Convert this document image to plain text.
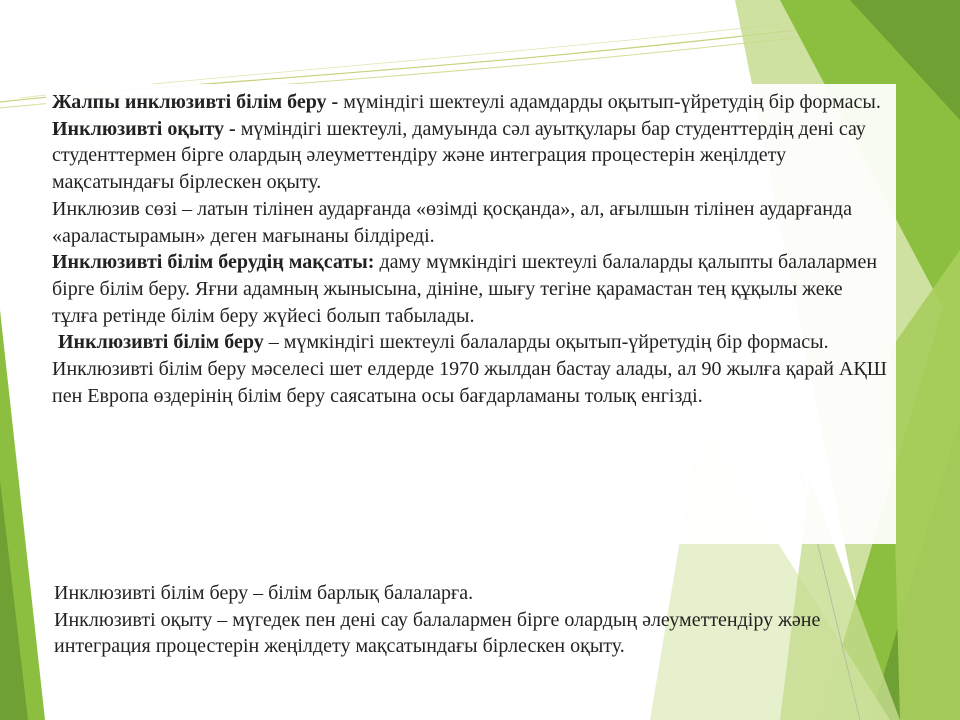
Жалпы инклюзивті білім беру - мүміндігі шектеулі адамдарды оқытып-үйретудің бір формасы.

Инклюзивті оқыту - мүміндігі шектеулі, дамуында сәл ауытқулары бар студенттердің дені сау студенттермен бірге олардың әлеуметтендіру және интеграция процестерін жеңілдету мақсатындағы бірлескен оқыту.

Инклюзив сөзі – латын тілінен аударғанда «өзімді қосқанда», ал, ағылшын тілінен аударғанда «араластырамын» деген мағынаны білдіреді.

Инклюзивті білім берудің мақсаты: даму мүмкіндігі шектеулі балаларды қалыпты балалармен бірге білім беру. Яғни адамның жынысына, дініне, шығу тегіне қарамастан тең құқылы жеке тұлға ретінде білім беру жүйесі болып табылады.

Инклюзивті білім беру – мүмкіндігі шектеулі балаларды оқытып-үйретудің бір формасы.

Инклюзивті білім беру мәселесі шет елдерде 1970 жылдан бастау алады, ал 90 жылға қарай АҚШ пен Европа өздерінің білім беру саясатына осы бағдарламаны толық енгізді.

Инклюзивті білім беру – білім барлық балаларға.

Инклюзивті оқыту – мүгедек пен дені сау балалармен бірге олардың әлеуметтендіру және интеграция процестерін жеңілдету мақсатындағы бірлескен оқыту.
